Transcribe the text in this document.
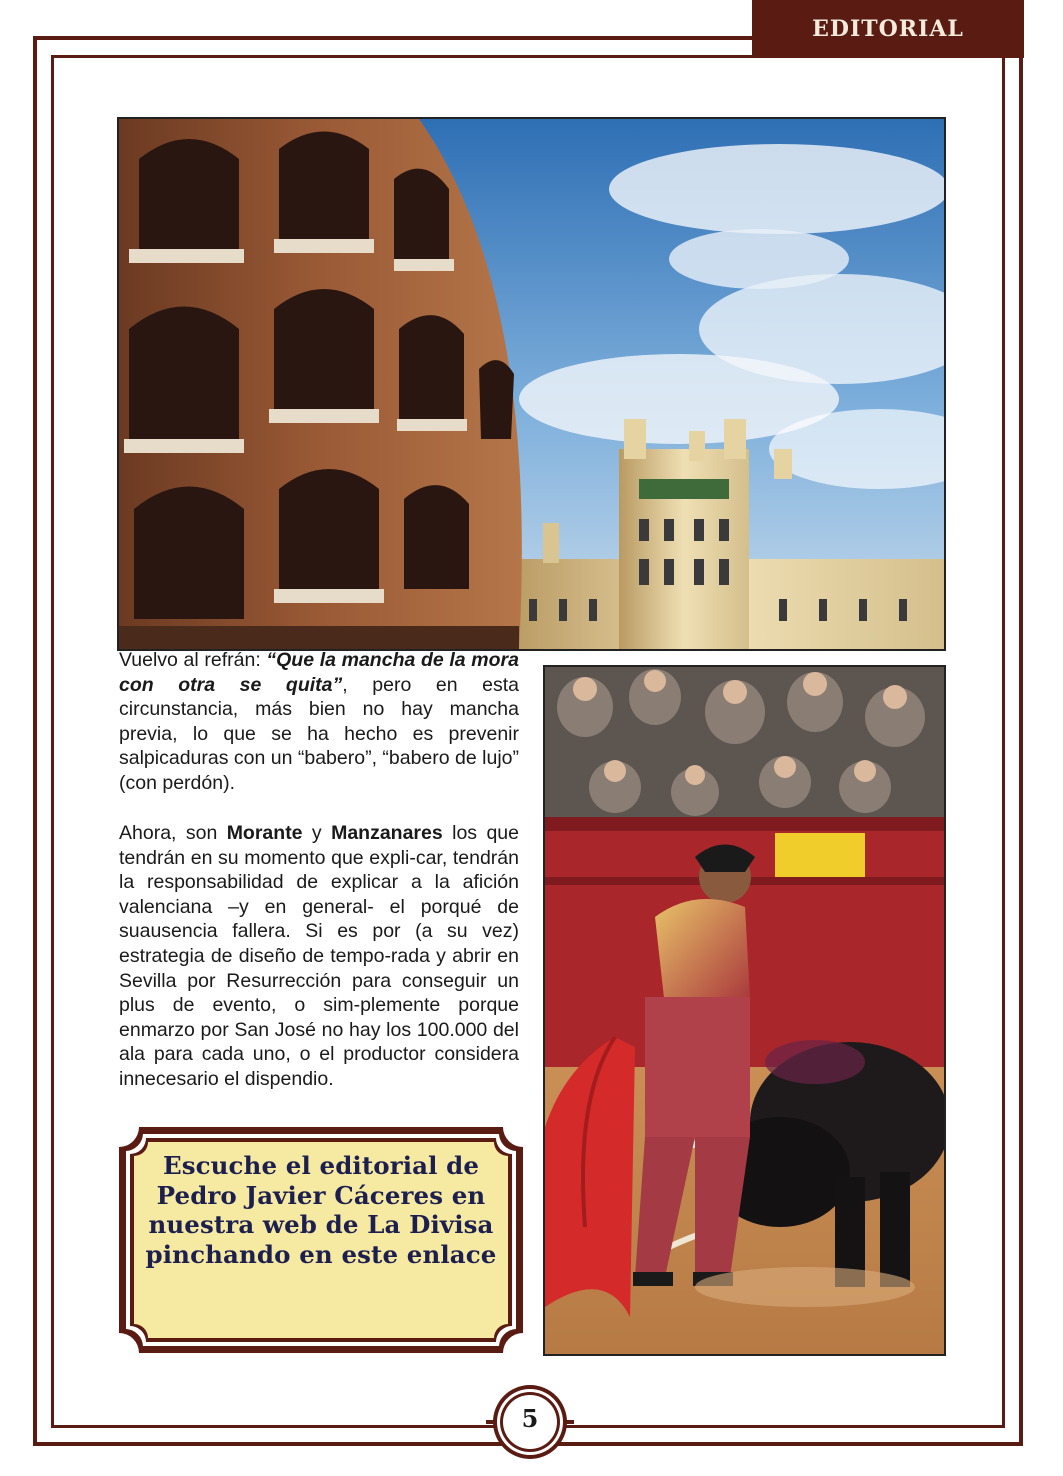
EDITORIAL
Vuelvo al refrán: “Que la mancha de la mora con otra se quita”, pero en esta circunstancia, más bien no hay mancha previa, lo que se ha hecho es prevenir salpicaduras con un “babero”, “babero de lujo” (con perdón).
Ahora, son Morante y Manzanares los que tendrán en su momento que expli-car, tendrán la responsabilidad de explicar a la afición valenciana –y en general- el porqué de suausencia fallera. Si es por (a su vez) estrategia de diseño de tempo-rada y abrir en Sevilla por Resurrección para conseguir un plus de evento, o sim-plemente porque enmarzo por San José no hay los 100.000 del ala para cada uno, o el productor considera innecesario el dispendio.
Escuche el editorial de Pedro Javier Cáceres en nuestra web de La Divisa pinchando en este enlace
5
